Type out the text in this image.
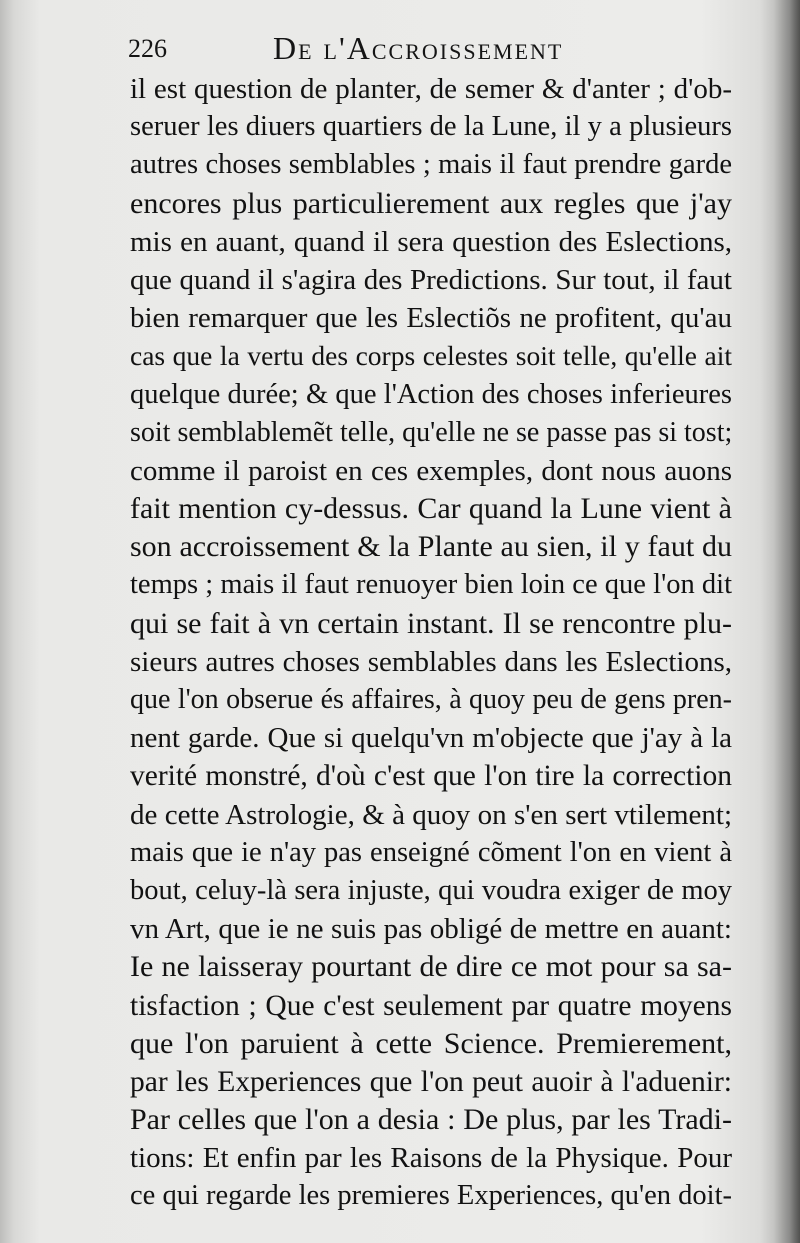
226	De l'Accroissement
il est question de planter, de semer & d'anter ; d'ob-
seruer les diuers quartiers de la Lune, il y a plusieurs
autres choses semblables ; mais il faut prendre garde
encores plus particulierement aux regles que j'ay
mis en auant, quand il sera question des Eslections,
que quand il s'agira des Predictions. Sur tout, il faut
bien remarquer que les Eslectiõs ne profitent, qu'au
cas que la vertu des corps celestes soit telle, qu'elle ait
quelque durée; & que l'Action des choses inferieures
soit semblablemẽt telle, qu'elle ne se passe pas si tost;
comme il paroist en ces exemples, dont nous auons
fait mention cy-dessus. Car quand la Lune vient à
son accroissement & la Plante au sien, il y faut du
temps ; mais il faut renuoyer bien loin ce que l'on dit
qui se fait à vn certain instant. Il se rencontre plu-
sieurs autres choses semblables dans les Eslections,
que l'on obserue és affaires, à quoy peu de gens pren-
nent garde. Que si quelqu'vn m'objecte que j'ay à la
verité monstré, d'où c'est que l'on tire la correction
de cette Astrologie, & à quoy on s'en sert vtilement;
mais que ie n'ay pas enseigné cõment l'on en vient à
bout, celuy-là sera injuste, qui voudra exiger de moy
vn Art, que ie ne suis pas obligé de mettre en auant:
Ie ne laisseray pourtant de dire ce mot pour sa sa-
tisfaction ; Que c'est seulement par quatre moyens
que l'on paruient à cette Science. Premierement,
par les Experiences que l'on peut auoir à l'aduenir:
Par celles que l'on a desia : De plus, par les Tradi-
tions: Et enfin par les Raisons de la Physique. Pour
ce qui regarde les premieres Experiences, qu'en doit-
